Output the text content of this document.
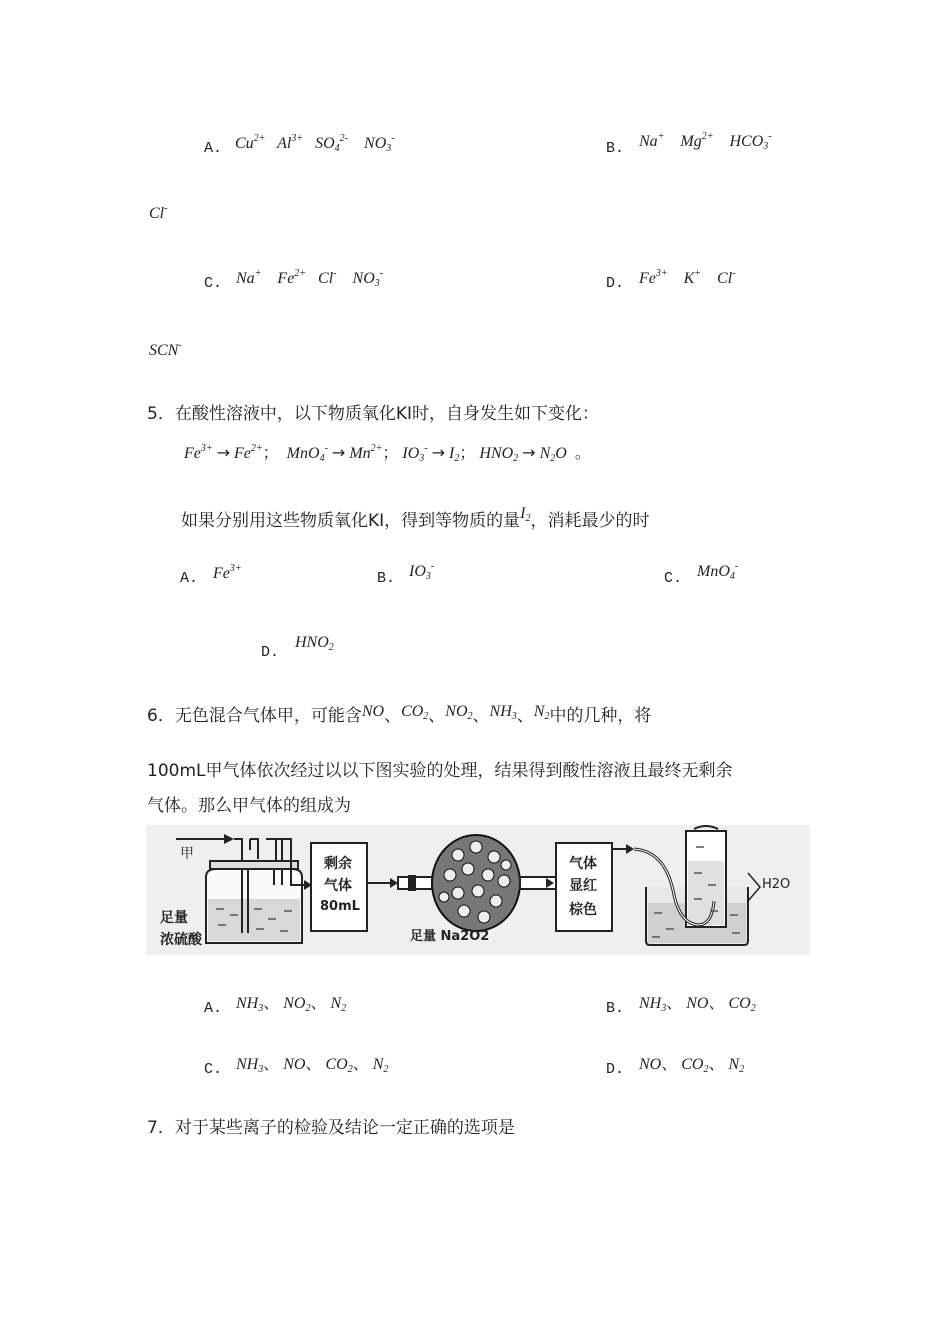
A. $Cu^{2+}$ $Al^{3+}$ $SO_4^{2-}$ $NO_3^-$
B. Na+ $Mg^{2+}$ $HCO_3^-$
Cl-
C. Na+ $Fe^{2+}$ Cl- $NO_3^-$
D. $Fe^{3+}$ K+ Cl-
SCN-
5．在酸性溶液中，以下物质氧化KI时，自身发生如下变化：
$Fe^{3+} \to Fe^{2+}$； $MnO_4^- \to Mn^{2+}$； $IO_3^- \to I_2$； $HNO_2 \to N_2O$ 。
如果分别用这些物质氧化KI，得到等物质的量$I_2$，消耗最少的时
A. $Fe^{3+}$
B. $IO_3^-$
C. MnO$_4$-
D.
$HNO_2$
6．无色混合气体甲，可能含NO、$CO_2$、$NO_2$、$NH_3$、$N_2$中的几种，将
100mL甲气体依次经过以以下图实验的处理，结果得到酸性溶液且最终无剩余
气体。那么甲气体的组成为
甲
足量
浓硫酸
剩余
气体
80mL
足量 Na2O2
气体
显红
棕色
H2O
A. $NH_3$、 $NO_2$、 $N_2$	B. $NH_3$、 NO、 $CO_2$
C. $NH_3$、 NO、 $CO_2$、 $N_2$	D. NO、 $CO_2$、 $N_2$
7．对于某些离子的检验及结论一定正确的选项是
